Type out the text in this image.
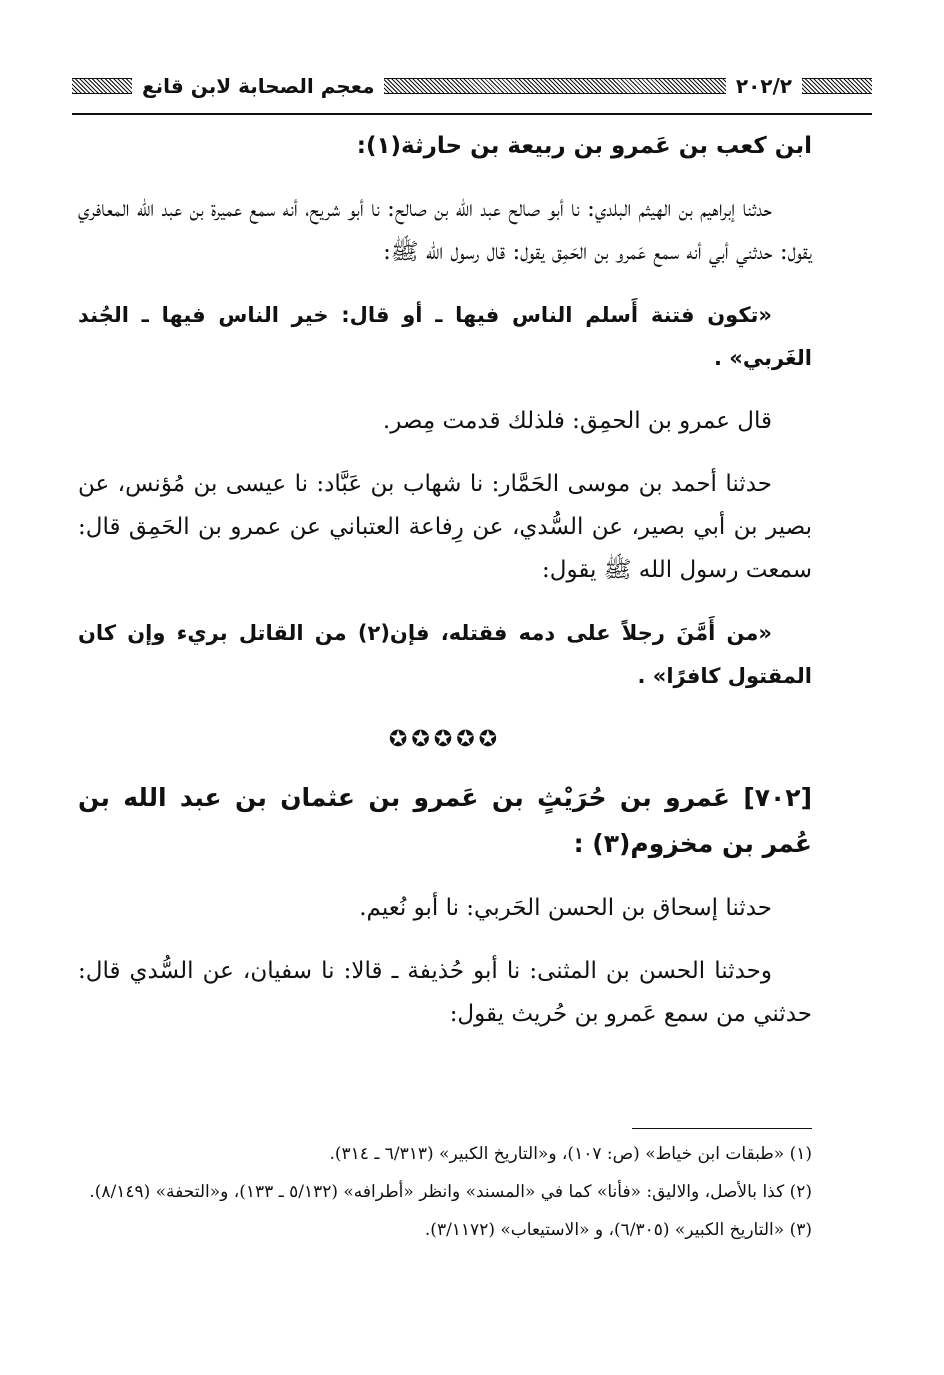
٢٠٢/٢
معجم الصحابة لابن قانع

ابن كعب بن عَمرو بن ربيعة بن حارثة(١):

حدثنا إبراهيم بن الهيثم البلدي: نا أبو صالح عبد الله بن صالح: نا أبو شريح، أنه سمع عميرة بن عبد الله المعافري يقول: حدثني أبي أنه سمع عَمرو بن الحَمِق يقول: قال رسول الله ﷺ:

«تكون فتنة أَسلم الناس فيها ـ أو قال: خير الناس فيها ـ الجُند الغَربي» .

قال عمرو بن الحمِق: فلذلك قدمت مِصر.

حدثنا أحمد بن موسى الحَمَّار: نا شهاب بن عَبَّاد: نا عيسى بن مُؤنس، عن بصير بن أبي بصير، عن السُّدي، عن رِفاعة العتباني عن عمرو بن الحَمِق قال: سمعت رسول الله ﷺ يقول:

«من أَمَّنَ رجلاً على دمه فقتله، فإن(٢) من القاتل بريء وإن كان المقتول كافرًا» .

✪✪✪✪✪

[٧٠٢] عَمرو بن حُرَيْثٍ بن عَمرو بن عثمان بن عبد الله بن عُمر بن مخزوم(٣) :

حدثنا إسحاق بن الحسن الحَربي: نا أبو نُعيم.

وحدثنا الحسن بن المثنى: نا أبو حُذيفة ـ قالا: نا سفيان، عن السُّدي قال: حدثني من سمع عَمرو بن حُريث يقول:

(١) «طبقات ابن خياط» (ص: ١٠٧)، و«التاريخ الكبير» (٦/٣١٣ ـ ٣١٤).

(٢) كذا بالأصل، والاليق: «فأنا» كما في «المسند» وانظر «أطرافه» (٥/١٣٢ ـ ١٣٣)، و«التحفة» (٨/١٤٩).

(٣) «التاريخ الكبير» (٦/٣٠٥)، و «الاستيعاب» (٣/١١٧٢).
